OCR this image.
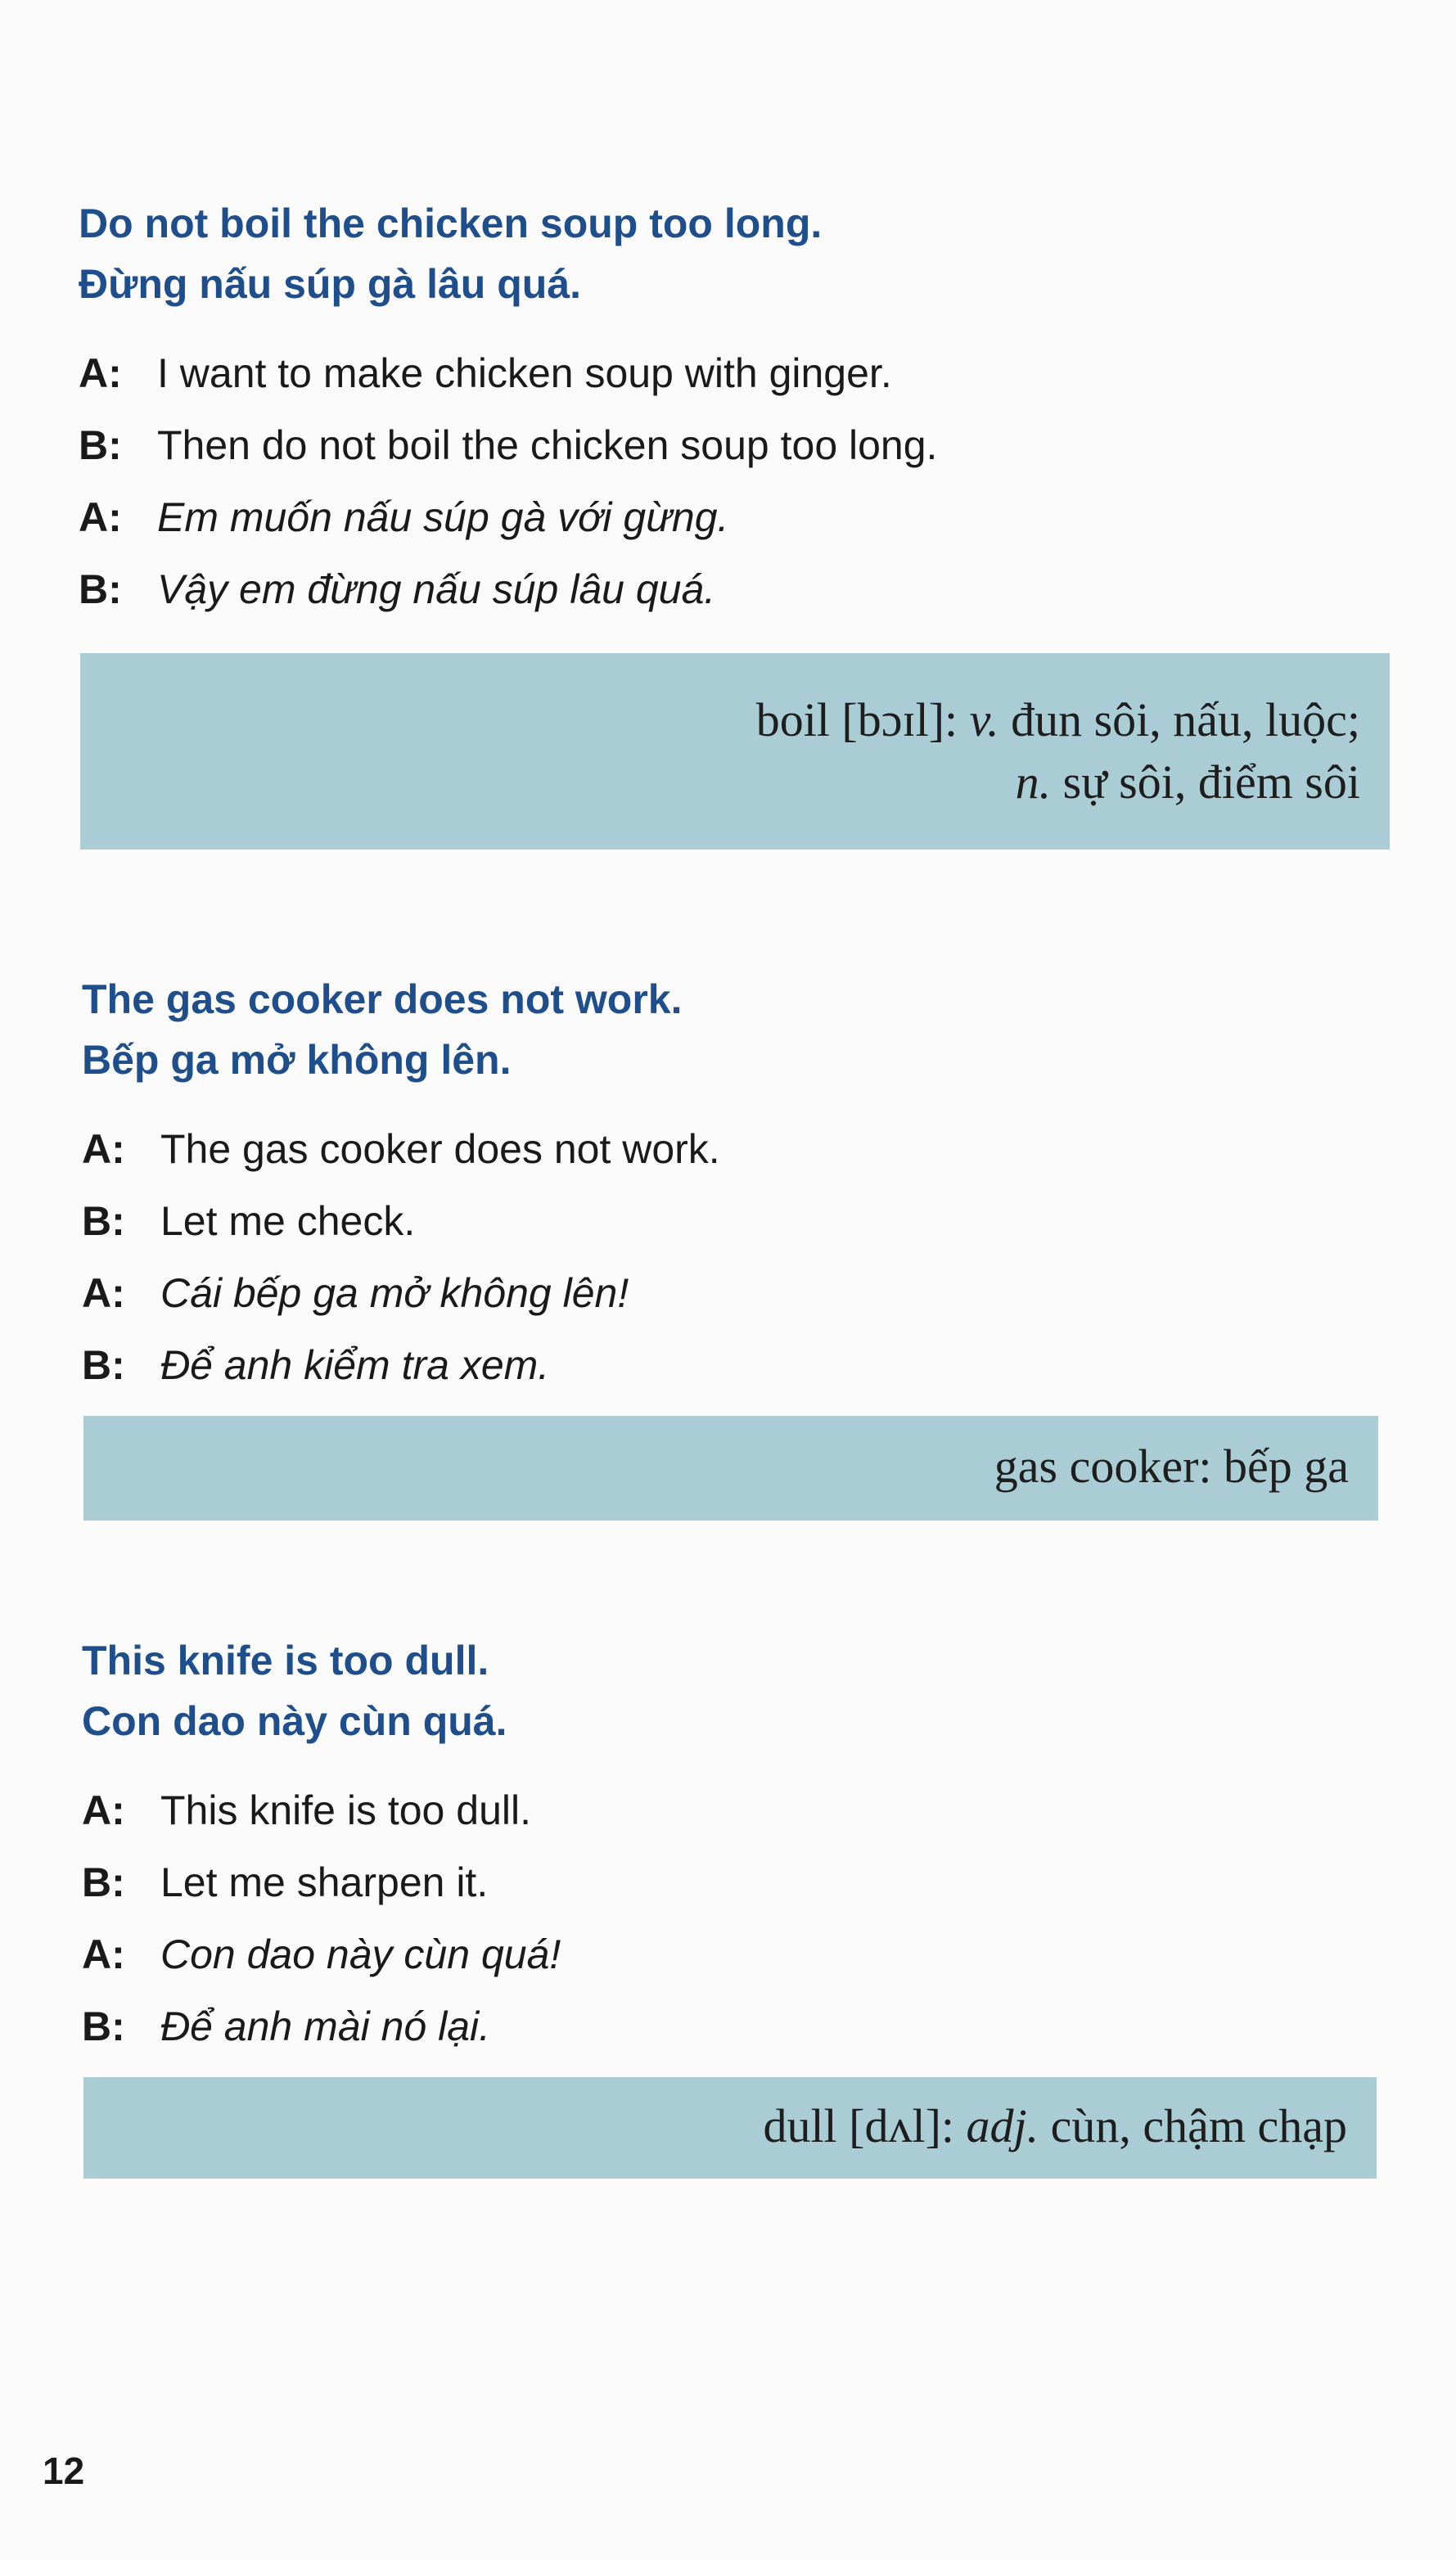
Do not boil the chicken soup too long.

Đừng nấu súp gà lâu quá.

A: I want to make chicken soup with ginger.
B: Then do not boil the chicken soup too long.
A: Em muốn nấu súp gà với gừng.
B: Vậy em đừng nấu súp lâu quá.
boil [bɔɪl]: v. đun sôi, nấu, luộc;
n. sự sôi, điểm sôi

The gas cooker does not work.

Bếp ga mở không lên.

A: The gas cooker does not work.
B: Let me check.
A: Cái bếp ga mở không lên!
B: Để anh kiểm tra xem.
gas cooker: bếp ga

This knife is too dull.

Con dao này cùn quá.

A: This knife is too dull.
B: Let me sharpen it.
A: Con dao này cùn quá!
B: Để anh mài nó lại.
dull [dʌl]: adj. cùn, chậm chạp
12
